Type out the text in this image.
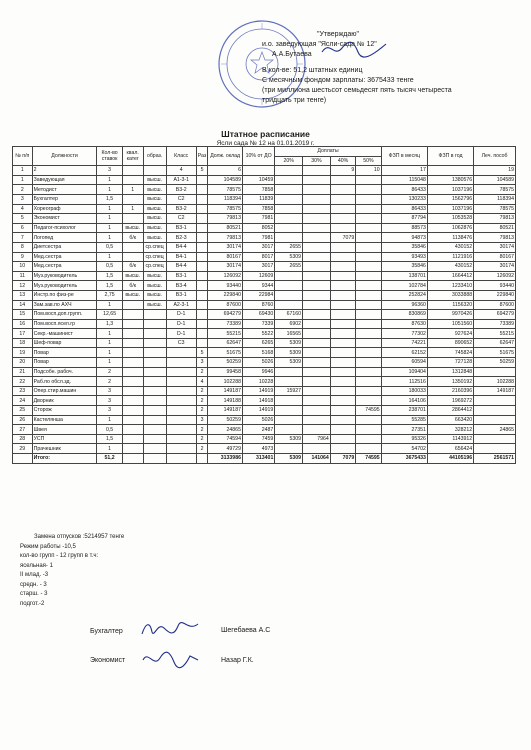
"Утверждаю"
и.о. заведующая "Ясли-сада № 12"
А.А.Бутаева
В кол-ве: 51,2 штатных единиц
С месячным фондом зарплаты: 3675433 тенге
(три миллиона шестьсот семьдесят пять тысяч четыреста
тридцать три тенге)
Штатное расписание
Ясли сада № 12 на 01.01.2019 г.
№ п/п	Должности	Кол-во ставок	квал. катег	образ.	Класс	Раз	Долж. оклад	10% от ДО	Доплаты				ФЗП в месяц	ФЗП в год	Леч. пособ
									20%	30%	40%	50%			
1	2	3			4	5	6				9	10	17		19
1	Заведующая	1		высш.	А1-3-1		104589	10459					115048	1380576	104589
2	Методист	1	1	высш.	В3-2		78575	7858					86433	1037196	78575
3	Бухгалтер	1,5		высш.	С2		118394	11839					130233	1562796	118394
4	Хореограф	1	1	высш.	В3-2		78575	7858					86433	1037196	78575
5	Экономист	1		высш.	С2		79813	7981					87794	1053528	79813
6	Педагог-психолог	1	высш.	высш.	В3-1		80521	8052					88573	1062876	80521
7	Логопед	1	б/к	высш.	В2-3		79813	7981			7079		94873	1138476	79813
8	Диетсестра	0,5		ср.спец	В4-4		30174	3017	2655				35846	430152	30174
9	Мед.сестра	1		ср.спец	В4-1		80167	8017	5309				93493	1121916	80167
10	Мед.сестра	0,5	б/к	ср.спец	В4-4		30174	3017	2655				35846	430152	30174
11	Муз.руководитель	1,5	высш.	высш.	В3-1		126092	12609					138701	1664412	126092
12	Муз.руководитель	1,5	б/к	высш.	В3-4		93440	9344					102784	1233410	93440
13	Инстр.по физ-ре	2,75	высш.	высш.	В3-1		229840	22984					252824	3033888	229840
14	Зам.зав.по АХЧ	1		высш.	А2-3-1		87600	8760					96360	1156320	87600
15	Пом.восп.доп.групп.	12,65			D-1		694279	69430	67160				830869	9970426	694279
16	Пом.восп.ясел.гр	1,3			D-1		73389	7339	6902				87630	1051560	73389
17	Секр.-машинист	1			D-1		55215	5522	16565				77302	927624	55215
18	Шеф-повар	1			С3		62647	6265	5309				74221	890652	62647
19	Повар	1				5	51675	5168	5309				62152	745824	51675
20	Повар	1				3	50259	5026	5309				60594	727128	50259
21	Подсобн. рабоч.	2				2	99458	9946					109404	1312848	
22	Раб.по обсл.зд.	2				4	102288	10228					112516	1350192	102288
23	Опер.стир.машин	3				2	149187	14919	15927				180033	2160396	149187
24	Дворник	3				2	149188	14918					164106	1969272	
25	Сторож	3				2	149187	14919				74595	238701	2864412	
26	Кастелянша	1				3	50259	5026					55285	663420	
27	Швея	0,5				2	24865	2487					27351	328212	24865
28	УСП	1,5				2	74594	7459	5309	7964			95326	1143912	
29	Прачешник	1				2	49729	4973					54702	656424	
	Итого:	51,2					3133986	313401	5309	141064	7079	74595	3675433	44105196	2561571
Замена отпусков :5214957 тенге
Режим работы -10,5
кол-во групп - 12 групп в т.ч:
ясельная- 1
II млад. -3
средн. - 3
старш. - 3
подгот.-2
Бухгалтер	Шегебаева А.С
Экономист	Назар Г.К.
